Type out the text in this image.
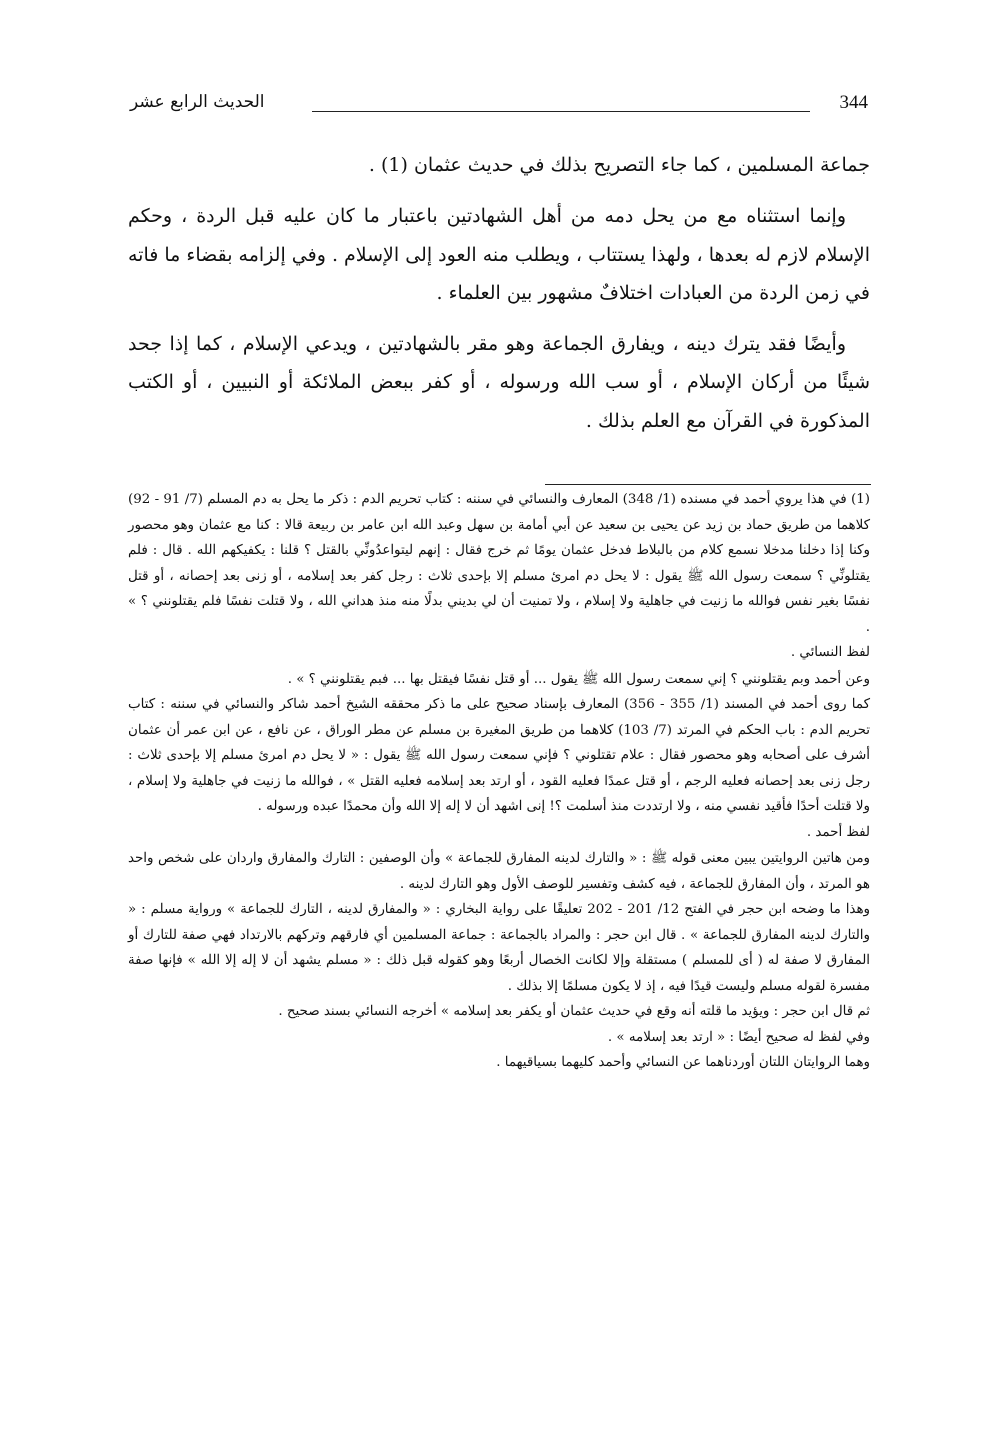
344
الحديث الرابع عشر

جماعة المسلمين ، كما جاء التصريح بذلك في حديث عثمان (1) .

وإنما استثناه مع من يحل دمه من أهل الشهادتين باعتبار ما كان عليه قبل الردة ، وحكم الإسلام لازم له بعدها ، ولهذا يستتاب ، ويطلب منه العود إلى الإسلام . وفي إلزامه بقضاء ما فاته في زمن الردة من العبادات اختلافٌ مشهور بين العلماء .

وأيضًا فقد يترك دينه ، ويفارق الجماعة وهو مقر بالشهادتين ، ويدعي الإسلام ، كما إذا جحد شيئًا من أركان الإسلام ، أو سب الله ورسوله ، أو كفر ببعض الملائكة أو النبيين ، أو الكتب المذكورة في القرآن مع العلم بذلك .

(1) في هذا يروي أحمد في مسنده (1/ 348) المعارف والنسائي في سننه : كتاب تحريم الدم : ذكر ما يحل به دم المسلم (7/ 91 - 92) كلاهما من طريق حماد بن زيد عن يحيى بن سعيد عن أبي أمامة بن سهل وعبد الله ابن عامر بن ربيعة قالا : كنا مع عثمان وهو محصور وكنا إذا دخلنا مدخلا نسمع كلام من بالبلاط فدخل عثمان يومًا ثم خرج فقال : إنهم ليتواعدُونِّي بالقتل ؟ قلنا : يكفيكهم الله . قال : فلم يقتلونِّي ؟ سمعت رسول الله ﷺ يقول : لا يحل دم امرئ مسلم إلا بإحدى ثلاث : رجل كفر بعد إسلامه ، أو زنى بعد إحصانه ، أو قتل نفسًا بغير نفس فوالله ما زنيت في جاهلية ولا إسلام ، ولا تمنيت أن لي بديني بدلًا منه منذ هداني الله ، ولا قتلت نفسًا فلم يقتلونني ؟ » .

لفظ النسائي .

وعن أحمد وبم يقتلونني ؟ إني سمعت رسول الله ﷺ يقول ... أو قتل نفسًا فيقتل بها ... فبم يقتلونني ؟ » .

كما روى أحمد في المسند (1/ 355 - 356) المعارف بإسناد صحيح على ما ذكر محققه الشيخ أحمد شاكر والنسائي في سننه : كتاب تحريم الدم : باب الحكم في المرتد (7/ 103) كلاهما من طريق المغيرة بن مسلم عن مطر الوراق ، عن نافع ، عن ابن عمر أن عثمان أشرف على أصحابه وهو محصور فقال : علام تقتلوني ؟ فإني سمعت رسول الله ﷺ يقول : « لا يحل دم امرئ مسلم إلا بإحدى ثلاث : رجل زنى بعد إحصانه فعليه الرجم ، أو قتل عمدًا فعليه القود ، أو ارتد بعد إسلامه فعليه القتل » ، فوالله ما زنيت في جاهلية ولا إسلام ، ولا قتلت أحدًا فأقيد نفسي منه ، ولا ارتددت منذ أسلمت ؟! إنى اشهد أن لا إله إلا الله وأن محمدًا عبده ورسوله .

لفظ أحمد .

ومن هاتين الروايتين يبين معنى قوله ﷺ : « والتارك لدينه المفارق للجماعة » وأن الوصفين : التارك والمفارق واردان على شخص واحد هو المرتد ، وأن المفارق للجماعة ، فيه كشف وتفسير للوصف الأول وهو التارك لدينه .

وهذا ما وضحه ابن حجر في الفتح 12/ 201 - 202 تعليقًا على رواية البخاري : « والمفارق لدينه ، التارك للجماعة » ورواية مسلم : « والتارك لدينه المفارق للجماعة » . قال ابن حجر : والمراد بالجماعة : جماعة المسلمين أي فارقهم وتركهم بالارتداد فهي صفة للتارك أو المفارق لا صفة له ( أى للمسلم ) مستقلة وإلا لكانت الخصال أربعًا وهو كقوله قبل ذلك : « مسلم يشهد أن لا إله إلا الله » فإنها صفة مفسرة لقوله مسلم وليست قيدًا فيه ، إذ لا يكون مسلمًا إلا بذلك .

ثم قال ابن حجر : ويؤيد ما قلته أنه وقع في حديث عثمان أو يكفر بعد إسلامه » أخرجه النسائي بسند صحيح .

وفي لفظ له صحيح أيضًا : « ارتد بعد إسلامه » .

وهما الروايتان اللتان أوردناهما عن النسائي وأحمد كليهما بسياقيهما .
